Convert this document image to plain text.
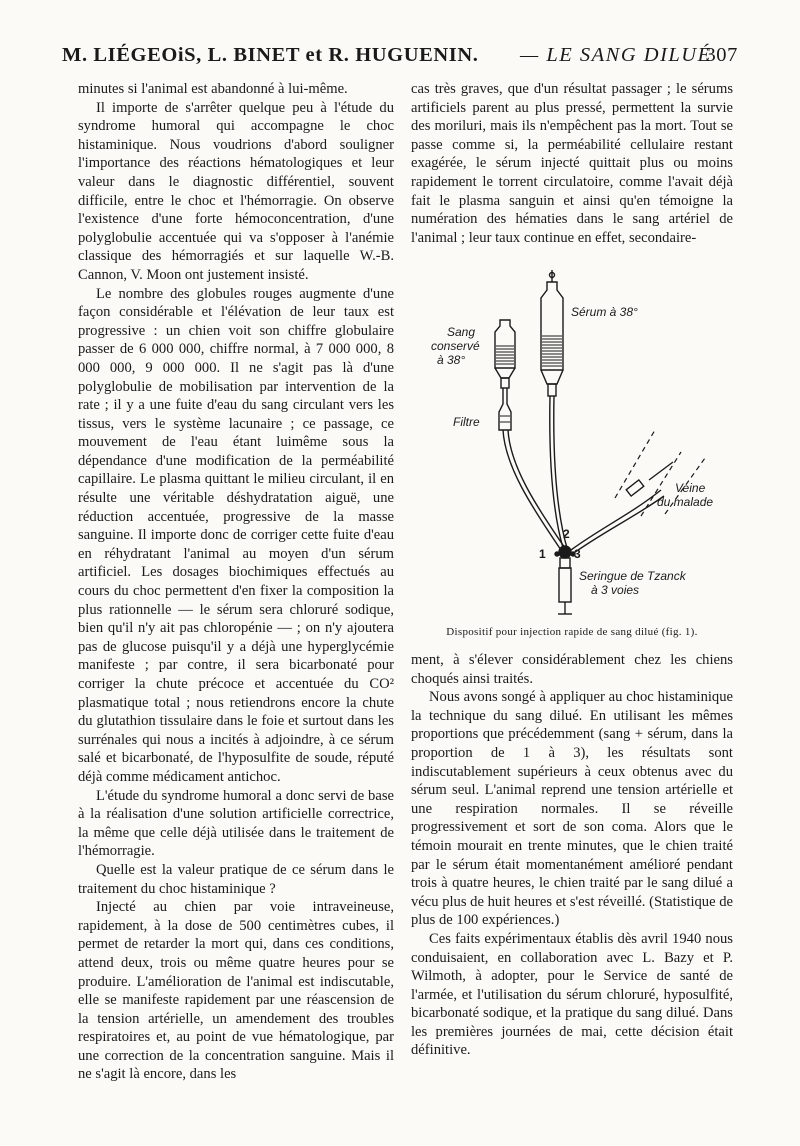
M. LIÉGEOiS, L. BINET et R. HUGUENIN. — LE SANG DILUÉ
307

minutes si l'animal est abandonné à lui-même.

Il importe de s'arrêter quelque peu à l'étude du syndrome humoral qui accompagne le choc histaminique. Nous voudrions d'abord souligner l'importance des réactions hématologiques et leur valeur dans le diagnostic différentiel, souvent difficile, entre le choc et l'hémorragie. On observe l'existence d'une forte hémoconcentration, d'une polyglobulie accentuée qui va s'opposer à l'anémie classique des hémorragiés et sur laquelle W.-B. Cannon, V. Moon ont justement insisté.

Le nombre des globules rouges augmente d'une façon considérable et l'élévation de leur taux est progressive : un chien voit son chiffre globulaire passer de 6 000 000, chiffre normal, à 7 000 000, 8 000 000, 9 000 000. Il ne s'agit pas là d'une polyglobulie de mobilisation par intervention de la rate ; il y a une fuite d'eau du sang circulant vers les tissus, vers le système lacunaire ; ce passage, ce mouvement de l'eau étant luimême sous la dépendance d'une modification de la perméabilité capillaire. Le plasma quittant le milieu circulant, il en résulte une véritable déshydratation aiguë, une réduction accentuée, progressive de la masse sanguine. Il importe donc de corriger cette fuite d'eau en réhydratant l'animal au moyen d'un sérum artificiel. Les dosages biochimiques effectués au cours du choc permettent d'en fixer la composition la plus rationnelle — le sérum sera chloruré sodique, bien qu'il n'y ait pas chloropénie — ; on n'y ajoutera pas de glucose puisqu'il y a déjà une hyperglycémie manifeste ; par contre, il sera bicarbonaté pour corriger la chute précoce et accentuée du CO² plasmatique total ; nous retiendrons encore la chute du glutathion tissulaire dans le foie et surtout dans les surrénales qui nous a incités à adjoindre, à ce sérum salé et bicarbonaté, de l'hyposulfite de soude, réputé déjà comme médicament antichoc.

L'étude du syndrome humoral a donc servi de base à la réalisation d'une solution artificielle correctrice, la même que celle déjà utilisée dans le traitement de l'hémorragie.

Quelle est la valeur pratique de ce sérum dans le traitement du choc histaminique ?

Injecté au chien par voie intraveineuse, rapidement, à la dose de 500 centimètres cubes, il permet de retarder la mort qui, dans ces conditions, attend deux, trois ou même quatre heures pour se produire. L'amélioration de l'animal est indiscutable, elle se manifeste rapidement par une réascension de la tension artérielle, un amendement des troubles respiratoires et, au point de vue hématologique, par une correction de la concentration sanguine. Mais il ne s'agit là encore, dans les

cas très graves, que d'un résultat passager ; le sérums artificiels parent au plus pressé, permettent la survie des moriluri, mais ils n'empêchent pas la mort. Tout se passe comme si, la perméabilité cellulaire restant exagérée, le sérum injecté quittait plus ou moins rapidement le torrent circulatoire, comme l'avait déjà fait le plasma sanguin et ainsi qu'en témoigne la numération des hématies dans le sang artériel de l'animal ; leur taux continue en effet, secondaire-

Sérum à 38°
Sang
conservé
à 38°
Filtre
Veine
du malade
Seringue de Tzanck
à 3 voies
1
2
3
Dispositif pour injection rapide de sang dilué (fig. 1).

ment, à s'élever considérablement chez les chiens choqués ainsi traités.

Nous avons songé à appliquer au choc histaminique la technique du sang dilué. En utilisant les mêmes proportions que précédemment (sang + sérum, dans la proportion de 1 à 3), les résultats sont indiscutablement supérieurs à ceux obtenus avec du sérum seul. L'animal reprend une tension artérielle et une respiration normales. Il se réveille progressivement et sort de son coma. Alors que le témoin mourait en trente minutes, que le chien traité par le sérum était momentanément amélioré pendant trois à quatre heures, le chien traité par le sang dilué a vécu plus de huit heures et s'est réveillé. (Statistique de plus de 100 expériences.)

Ces faits expérimentaux établis dès avril 1940 nous conduisaient, en collaboration avec L. Bazy et P. Wilmoth, à adopter, pour le Service de santé de l'armée, et l'utilisation du sérum chloruré, hyposulfité, bicarbonaté sodique, et la pratique du sang dilué. Dans les premières journées de mai, cette décision était définitive.
